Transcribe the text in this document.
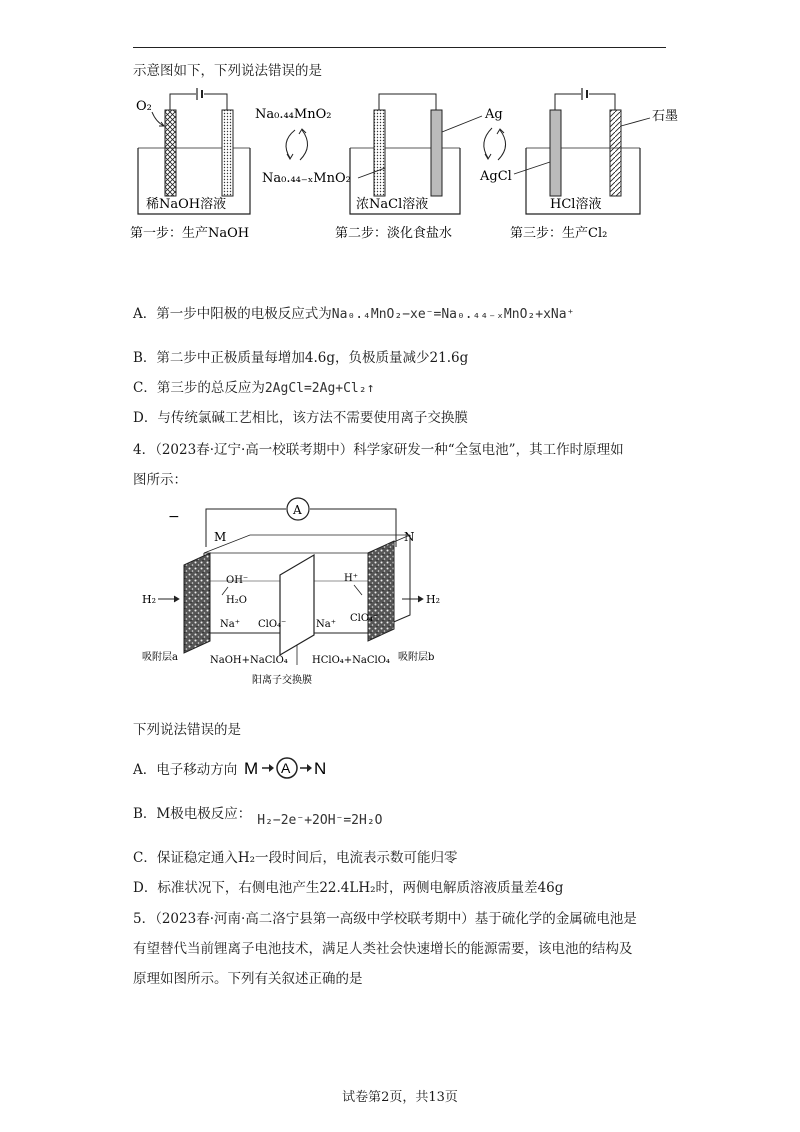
示意图如下，下列说法错误的是
O₂
稀NaOH溶液
Na₀.₄₄MnO₂
Na₀.₄₄₋ₓMnO₂
浓NaCl溶液
Ag
AgCl
石墨
HCl溶液
第一步：生产NaOH	第二步：淡化食盐水	第三步：生产Cl₂
A．第一步中阳极的电极反应式为Na₀.₄MnO₂−xe⁻=Na₀.₄₄₋ₓMnO₂+xNa⁺
B．第二步中正极质量每增加4.6g，负极质量减少21.6g
C．第三步的总反应为2AgCl=2Ag+Cl₂↑
D．与传统氯碱工艺相比，该方法不需要使用离子交换膜
4．（2023春·辽宁·高一校联考期中）科学家研发一种“全氢电池”，其工作时原理如
图所示：
−	A
M	N
H₂	H₂
OH⁻
H₂O
H⁺
Na⁺ ClO₄⁻	Na⁺
ClO₄⁻
吸附层a	吸附层b
NaOH+NaClO₄ HClO₄+NaClO₄
阳离子交换膜
下列说法错误的是
A．电子移动方向 M A N
B．M极电极反应： H₂−2e⁻+2OH⁻=2H₂O
C．保证稳定通入H₂一段时间后，电流表示数可能归零
D．标准状况下，右侧电池产生22.4LH₂时，两侧电解质溶液质量差46g
5．（2023春·河南·高二洛宁县第一高级中学校联考期中）基于硫化学的金属硫电池是
有望替代当前锂离子电池技术，满足人类社会快速增长的能源需要，该电池的结构及
原理如图所示。下列有关叙述正确的是
试卷第2页，共13页
